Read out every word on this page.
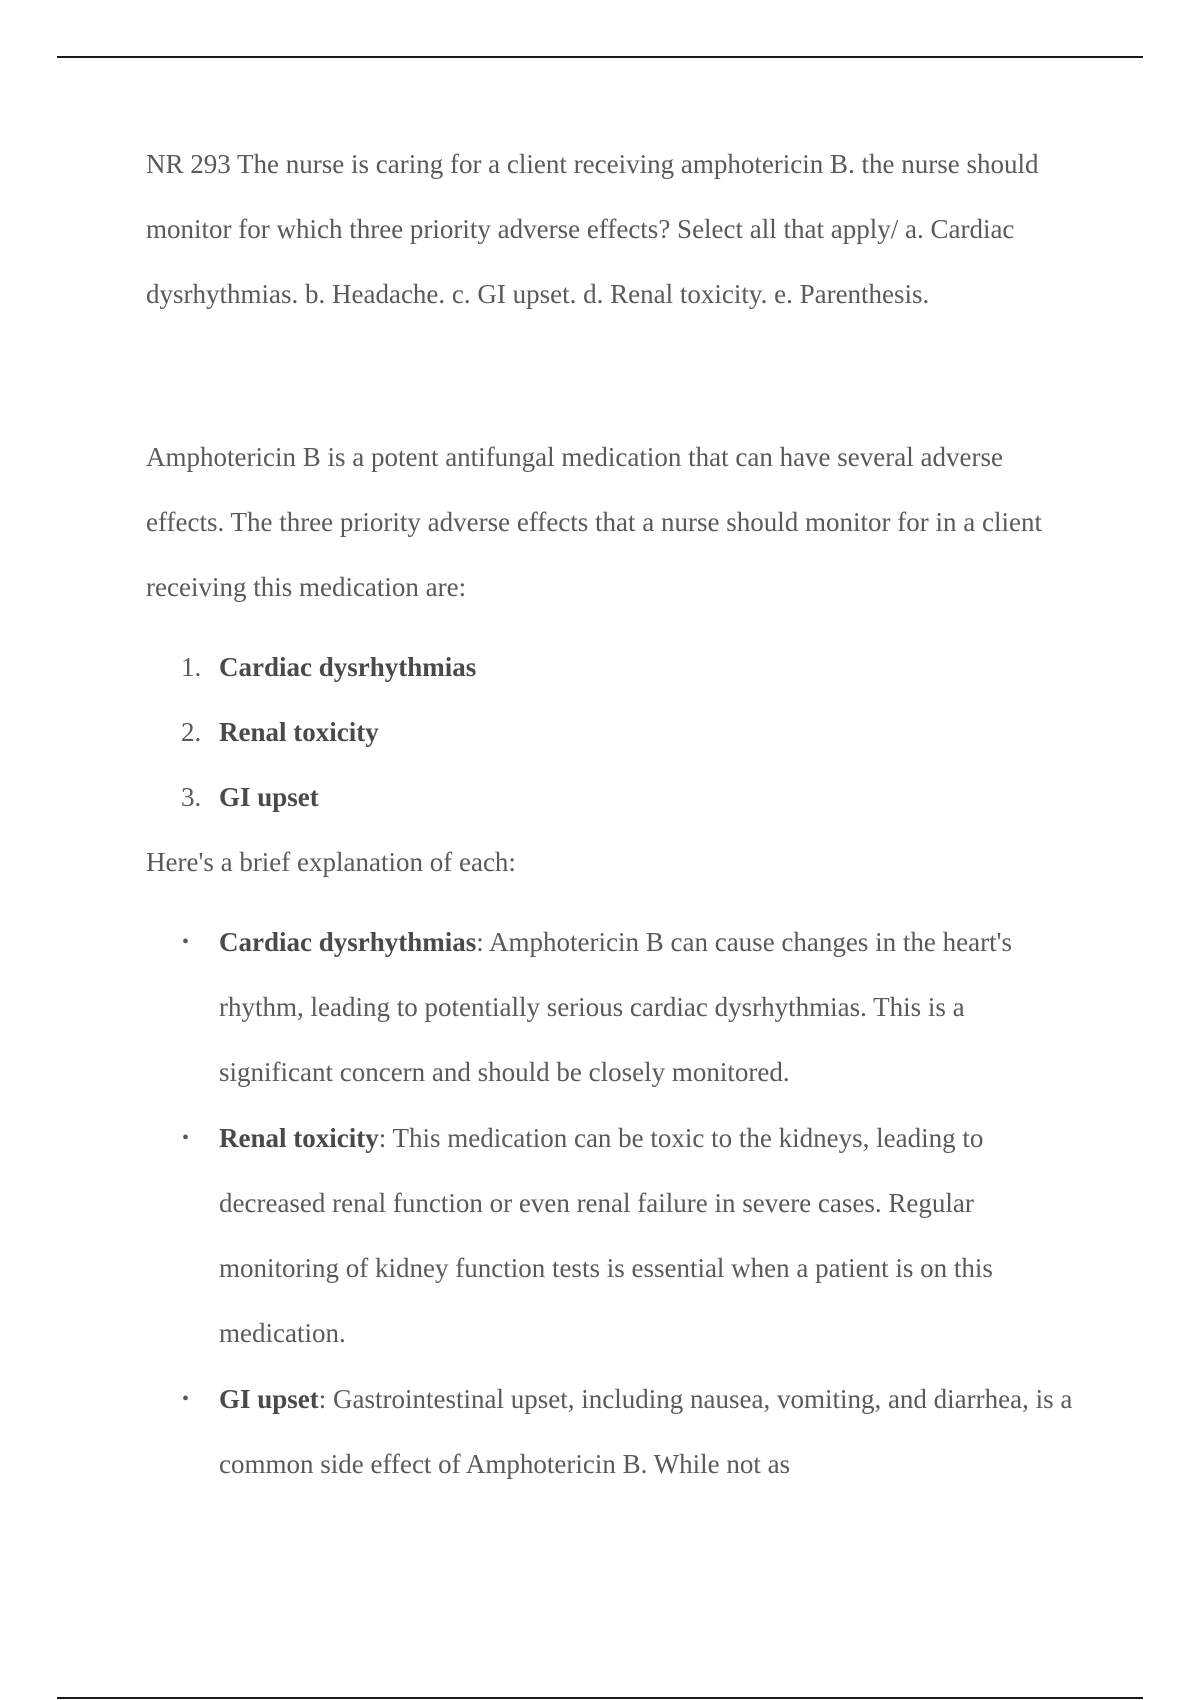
NR 293 The nurse is caring for a client receiving amphotericin B. the nurse should monitor for which three priority adverse effects? Select all that apply/ a. Cardiac dysrhythmias. b. Headache. c. GI upset. d. Renal toxicity. e. Parenthesis.

Amphotericin B is a potent antifungal medication that can have several adverse effects. The three priority adverse effects that a nurse should monitor for in a client receiving this medication are:

Cardiac dysrhythmias
Renal toxicity
GI upset

Here's a brief explanation of each:

• Cardiac dysrhythmias: Amphotericin B can cause changes in the heart's rhythm, leading to potentially serious cardiac dysrhythmias. This is a significant concern and should be closely monitored.
• Renal toxicity: This medication can be toxic to the kidneys, leading to decreased renal function or even renal failure in severe cases. Regular monitoring of kidney function tests is essential when a patient is on this medication.
• GI upset: Gastrointestinal upset, including nausea, vomiting, and diarrhea, is a common side effect of Amphotericin B. While not as
